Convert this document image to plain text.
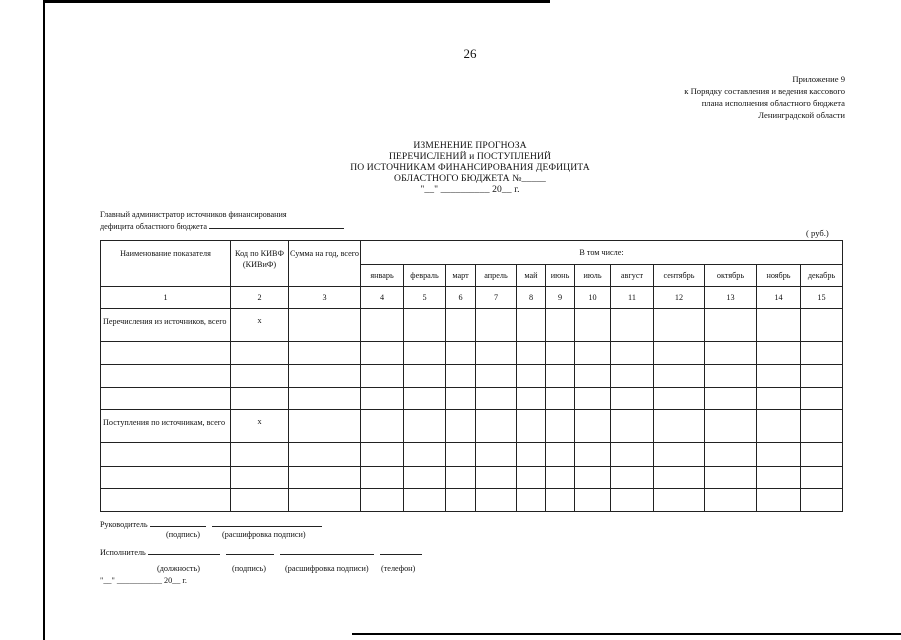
26
Приложение 9
к Порядку составления и ведения кассового
плана исполнения областного бюджета
Ленинградской области
ИЗМЕНЕНИЕ ПРОГНОЗА
ПЕРЕЧИСЛЕНИЙ и ПОСТУПЛЕНИЙ
ПО ИСТОЧНИКАМ ФИНАНСИРОВАНИЯ ДЕФИЦИТА
ОБЛАСТНОГО БЮДЖЕТА №_____
"__" __________ 20__ г.
Главный администратор источников финансирования
дефицита областного бюджета
( руб.)
Наименование показателя	Код по КИВФ (КИВиФ)	Сумма на год, всего	В том числе:											
			январь	февраль	март	апрель	май	июнь	июль	август	сентябрь	октябрь	ноябрь	декабрь
1	2	3	4	5	6	7	8	9	10	11	12	13	14	15
Перечисления из источников, всего	x													

Поступления по источникам, всего	x													

Руководитель
(подпись)	(расшифровка подписи)
Исполнитель
(должность)	(подпись) (расшифровка подписи) (телефон)
"__" ___________ 20__ г.
